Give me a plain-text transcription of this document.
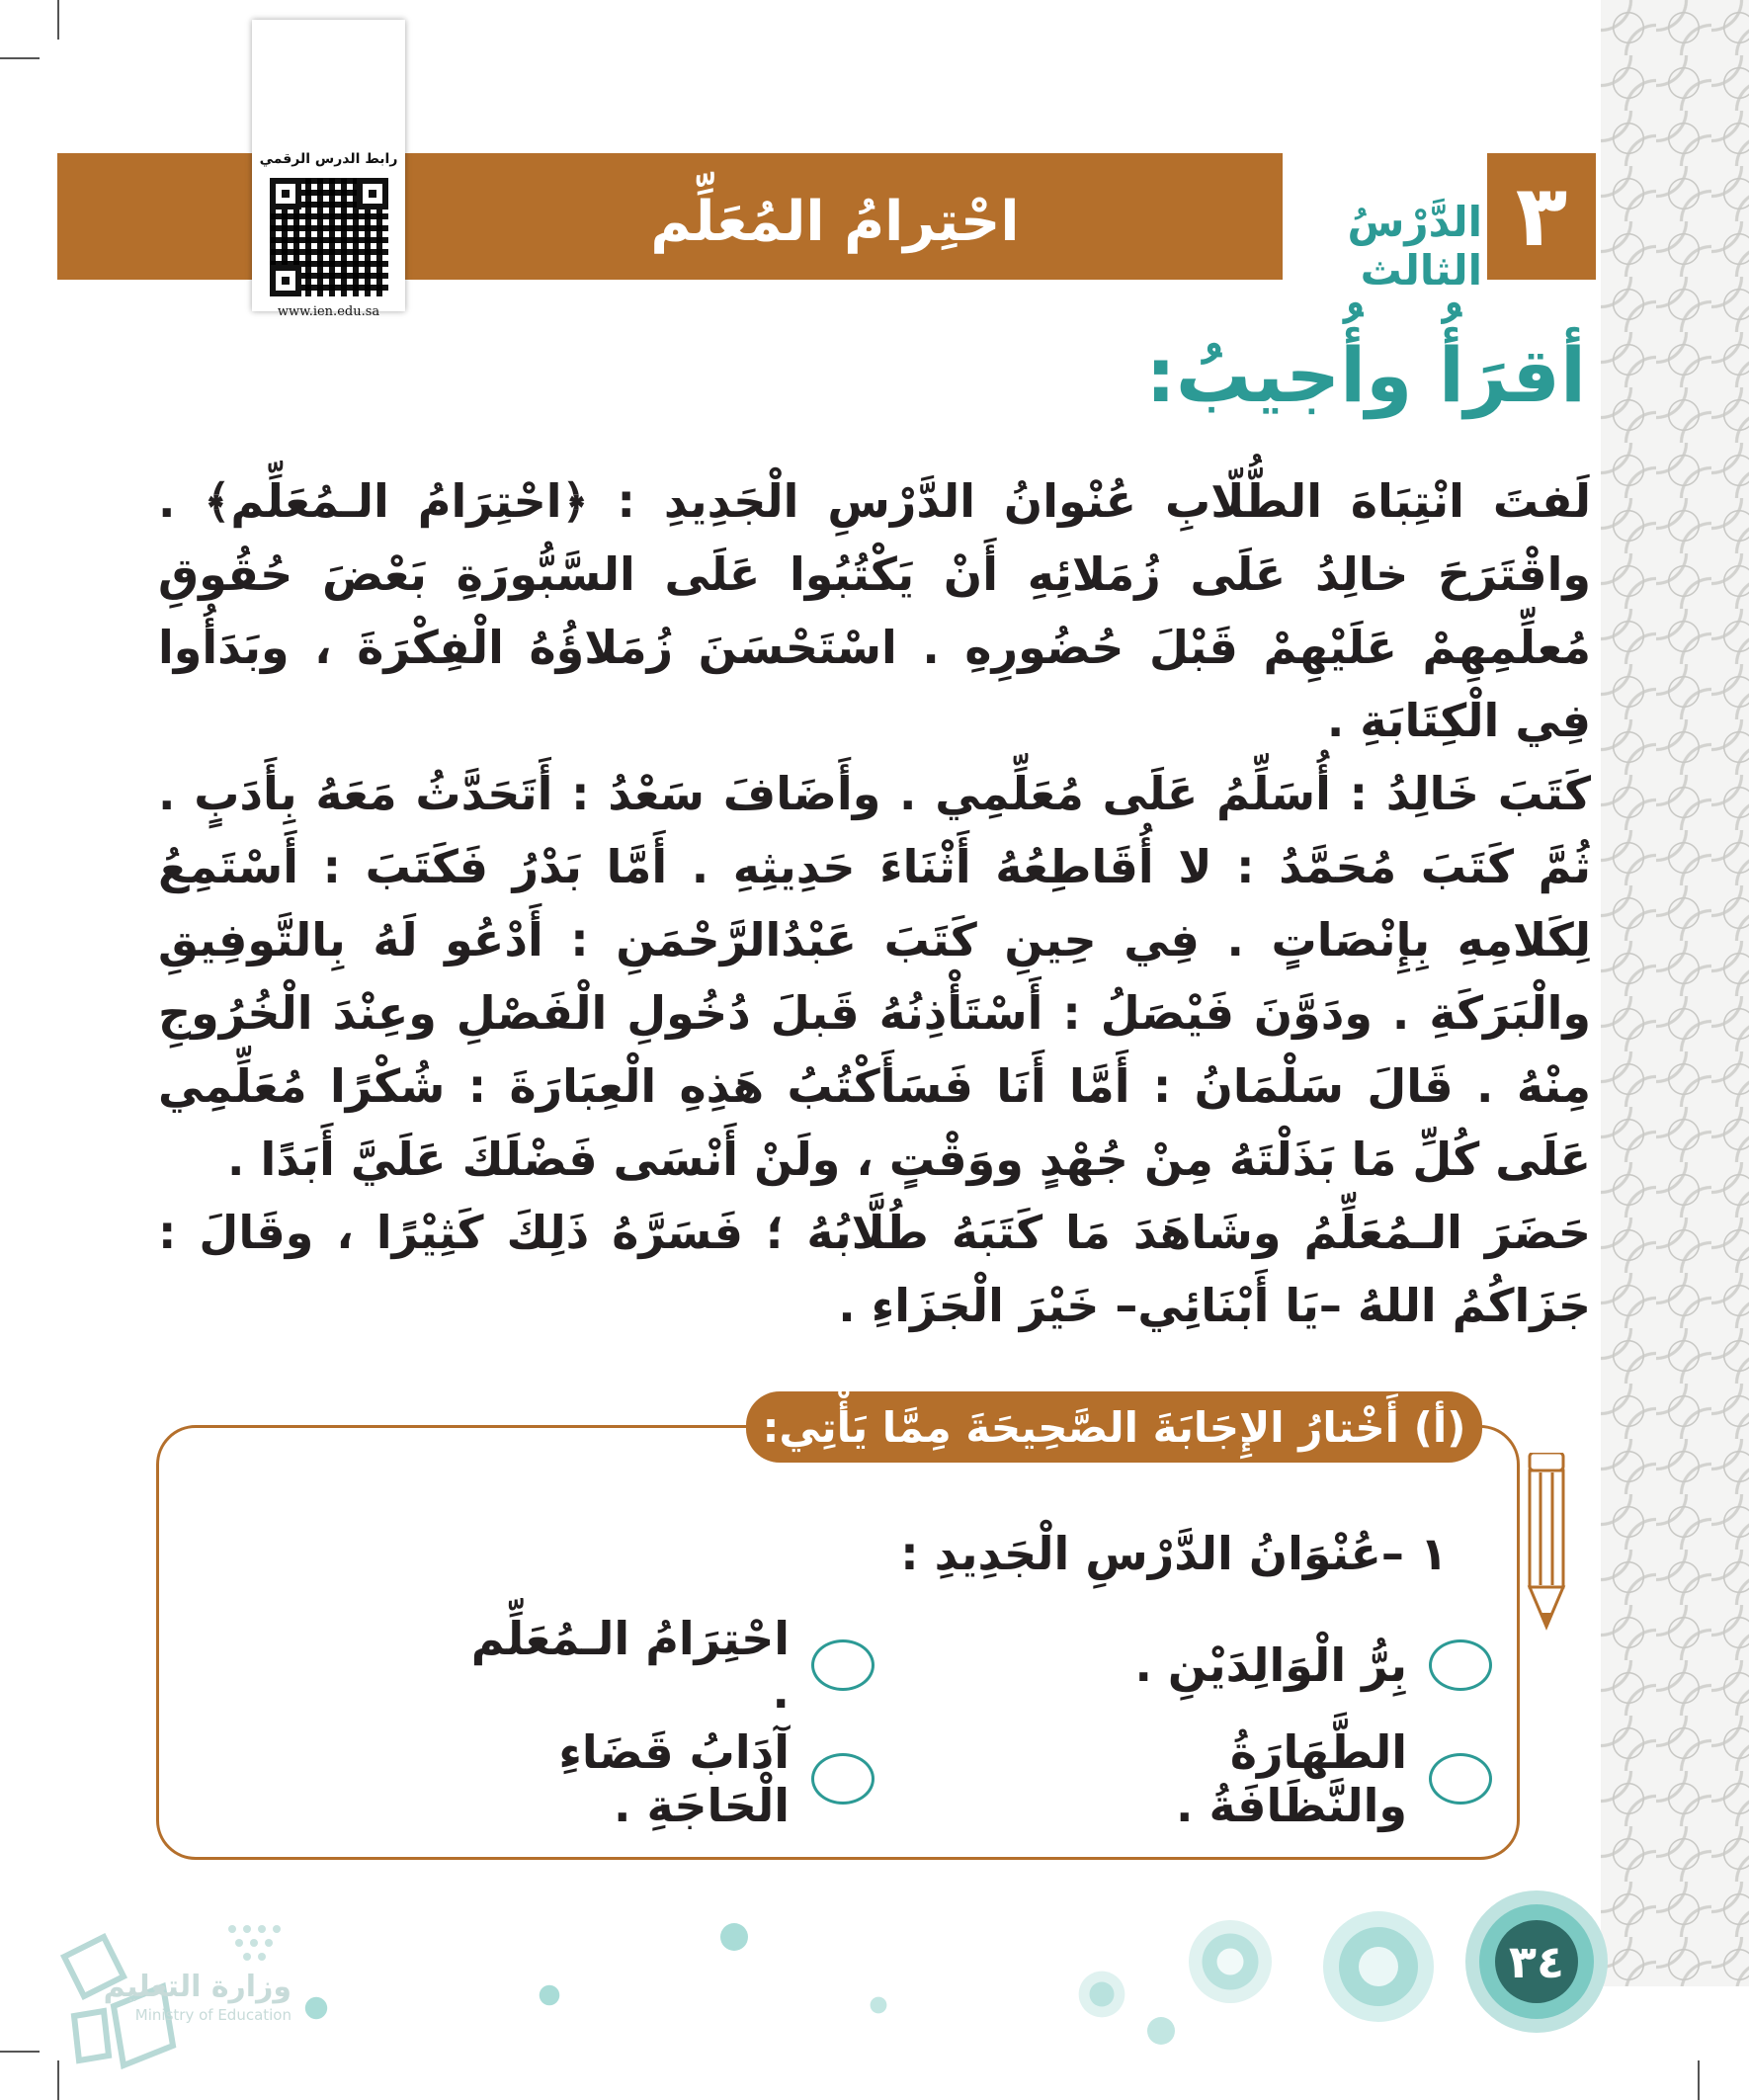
احْتِرامُ المُعَلِّم	٣
الدَّرْسُ الثالث
رابط الدرس الرقمي
www.ien.edu.sa
أقرَأُ وأُجيبُ:

لَفتَ انْتِبَاهَ الطُّلّابِ عُنْوانُ الدَّرْسِ الْجَدِيدِ : ﴿احْتِرَامُ الـمُعَلِّم﴾ . واقْتَرَحَ خالِدُ عَلَى زُمَلائِهِ أَنْ يَكْتُبُوا عَلَى السَّبُّورَةِ بَعْضَ حُقُوقِ مُعلِّمِهِمْ عَلَيْهِمْ قَبْلَ حُضُورِهِ . اسْتَحْسَنَ زُمَلاؤُهُ الْفِكْرَةَ ، وبَدَأُوا فِي الْكِتَابَةِ .

كَتَبَ خَالِدُ : أُسَلِّمُ عَلَى مُعَلِّمِي . وأَضَافَ سَعْدُ : أَتَحَدَّثُ مَعَهُ بِأَدَبٍ . ثُمَّ كَتَبَ مُحَمَّدُ : لا أُقَاطِعُهُ أَثْنَاءَ حَدِيثِهِ . أَمَّا بَدْرُ فَكَتَبَ : أَسْتَمِعُ لِكَلامِهِ بِإِنْصَاتٍ . فِي حِينِ كَتَبَ عَبْدُالرَّحْمَنِ : أَدْعُو لَهُ بِالتَّوفِيقِ والْبَرَكَةِ . ودَوَّنَ فَيْصَلُ : أَسْتَأْذِنُهُ قَبلَ دُخُولِ الْفَصْلِ وعِنْدَ الْخُرُوجِ مِنْهُ . قَالَ سَلْمَانُ : أَمَّا أَنَا فَسَأَكْتُبُ هَذِهِ الْعِبَارَةَ : شُكْرًا مُعَلِّمِي عَلَى كُلِّ مَا بَذَلْتَهُ مِنْ جُهْدٍ ووَقْتٍ ، ولَنْ أَنْسَى فَضْلَكَ عَلَيَّ أَبَدًا .

حَضَرَ الـمُعَلِّمُ وشَاهَدَ مَا كَتَبَهُ طُلَّابُهُ ؛ فَسَرَّهُ ذَلِكَ كَثِيْرًا ، وقَالَ : جَزَاكُمُ اللهُ –يَا أَبْنَائِي– خَيْرَ الْجَزَاءِ .

(أ) أَخْتارُ الإِجَابَةَ الصَّحِيحَةَ مِمَّا يَأْتِي:
١ –عُنْوَانُ الدَّرْسِ الْجَدِيدِ :
بِرُّ الْوَالِدَيْنِ .
احْتِرَامُ الـمُعَلِّم .
الطَّهَارَةُ والنَّظَافَةُ .
آدَابُ قَضَاءِ الْحَاجَةِ .
٣٤
وزارة التعليم
Ministry of Education
